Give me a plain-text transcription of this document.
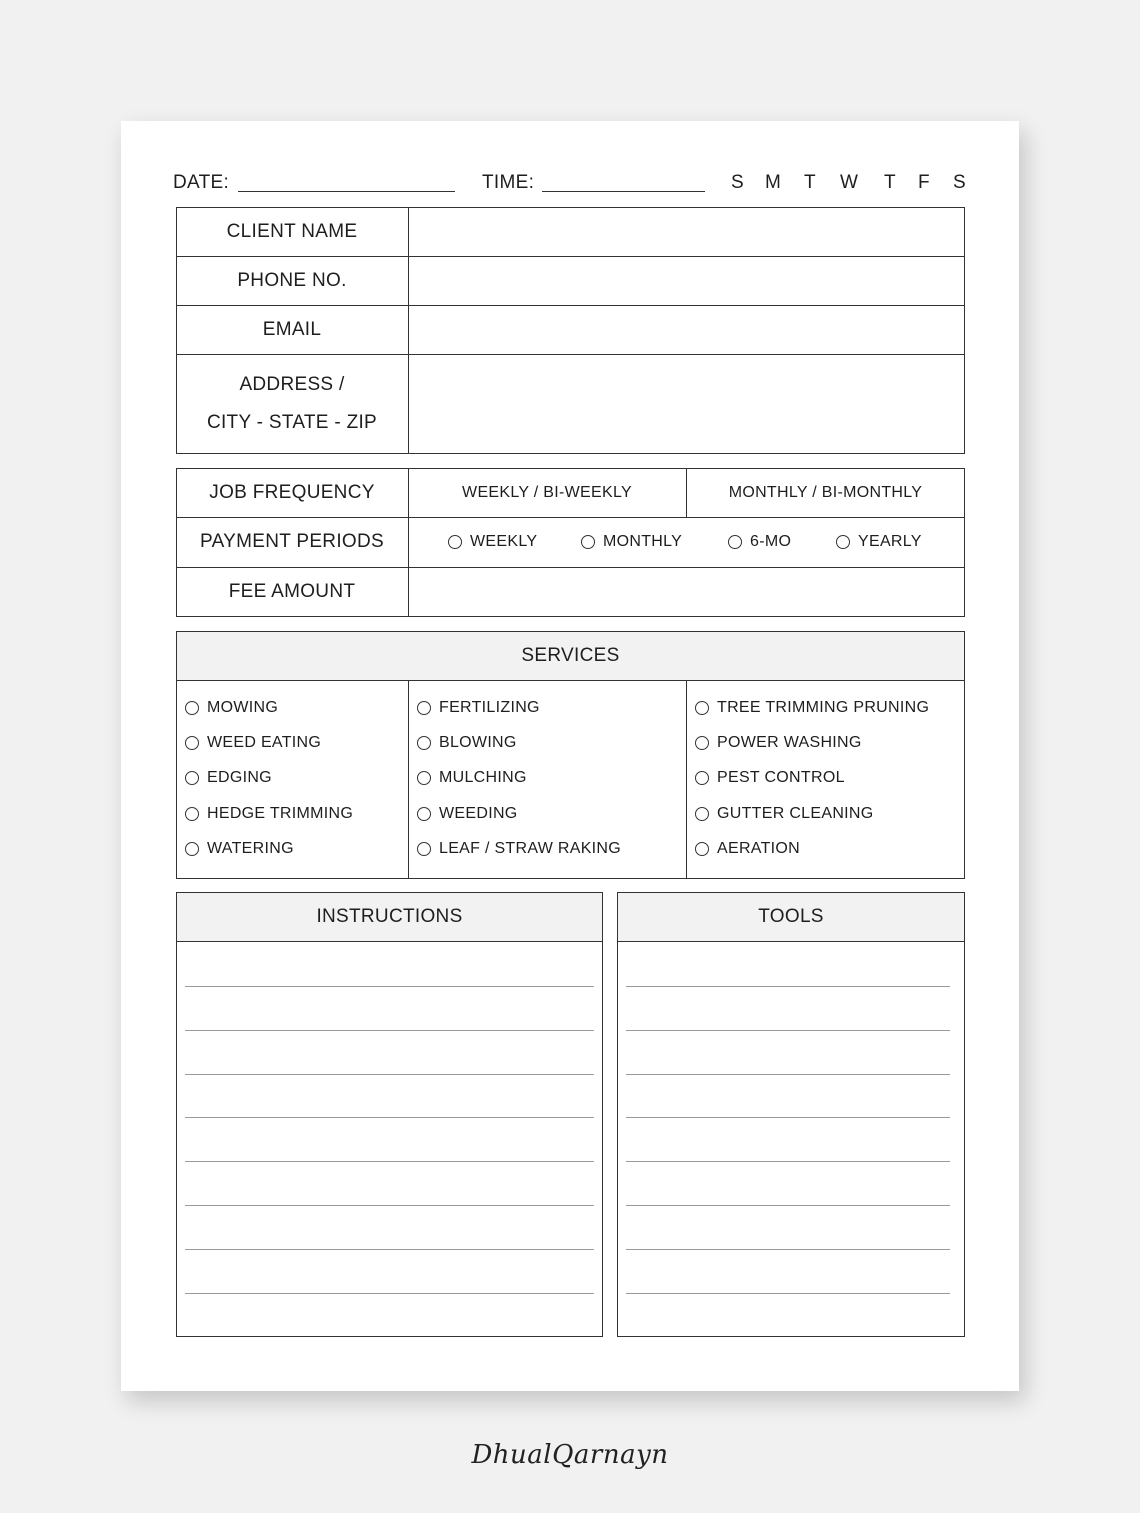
DATE:	TIME:	S M T W T F S
CLIENT NAME
PHONE NO.
EMAIL
ADDRESS /
CITY - STATE - ZIP
JOB FREQUENCY	WEEKLY / BI-WEEKLY	MONTHLY / BI-MONTHLY
PAYMENT PERIODS	WEEKLY	MONTHLY	6-MO	YEARLY
FEE AMOUNT
SERVICES
MOWING
WEED EATING
EDGING
HEDGE TRIMMING
WATERING
FERTILIZING
BLOWING
MULCHING
WEEDING
LEAF / STRAW RAKING
TREE TRIMMING PRUNING
POWER WASHING
PEST CONTROL
GUTTER CLEANING
AERATION
INSTRUCTIONS	TOOLS
DhualQarnayn
